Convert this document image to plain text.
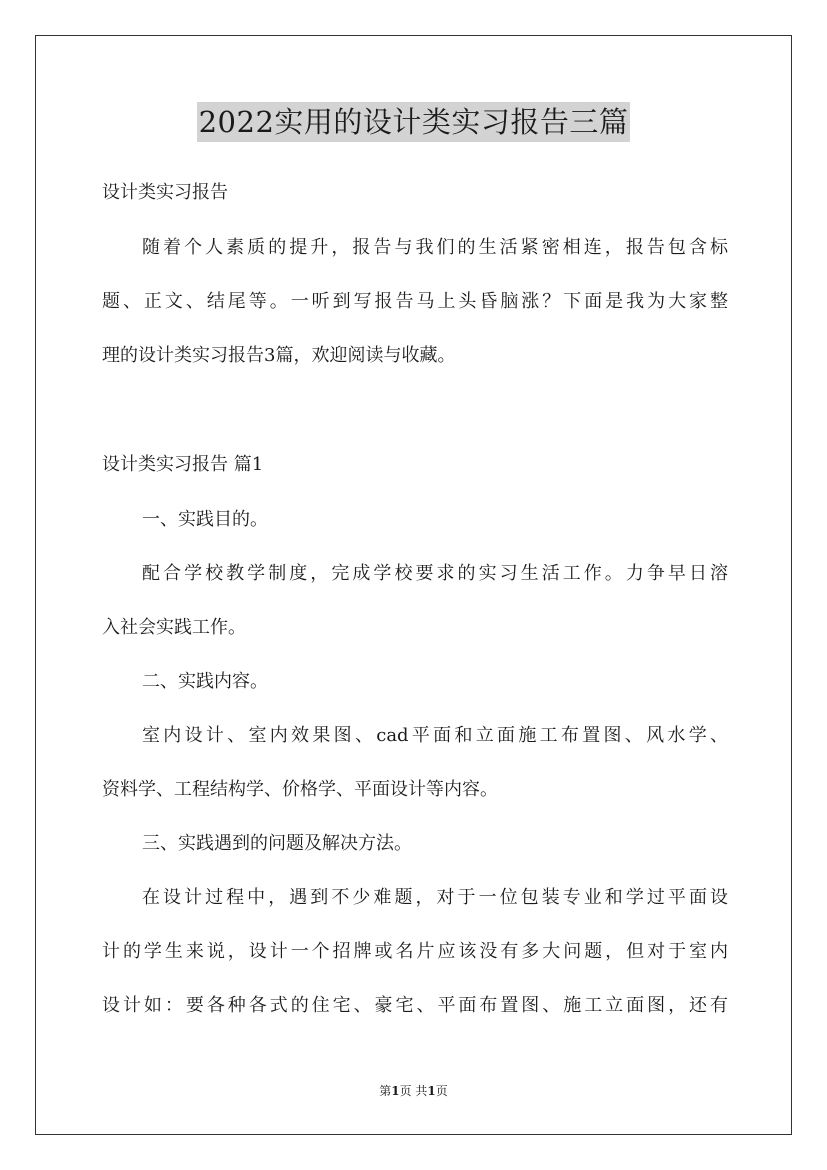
2022实用的设计类实习报告三篇
设计类实习报告
随着个人素质的提升，报告与我们的生活紧密相连，报告包含标
题、正文、结尾等。一听到写报告马上头昏脑涨？下面是我为大家整
理的设计类实习报告3篇，欢迎阅读与收藏。
设计类实习报告 篇1
一、实践目的。
配合学校教学制度，完成学校要求的实习生活工作。力争早日溶
入社会实践工作。
二、实践内容。
室内设计、室内效果图、cad平面和立面施工布置图、风水学、
资料学、工程结构学、价格学、平面设计等内容。
三、实践遇到的问题及解决方法。
在设计过程中，遇到不少难题，对于一位包装专业和学过平面设
计的学生来说，设计一个招牌或名片应该没有多大问题，但对于室内
设计如：要各种各式的住宅、豪宅、平面布置图、施工立面图，还有
第1页 共1页
